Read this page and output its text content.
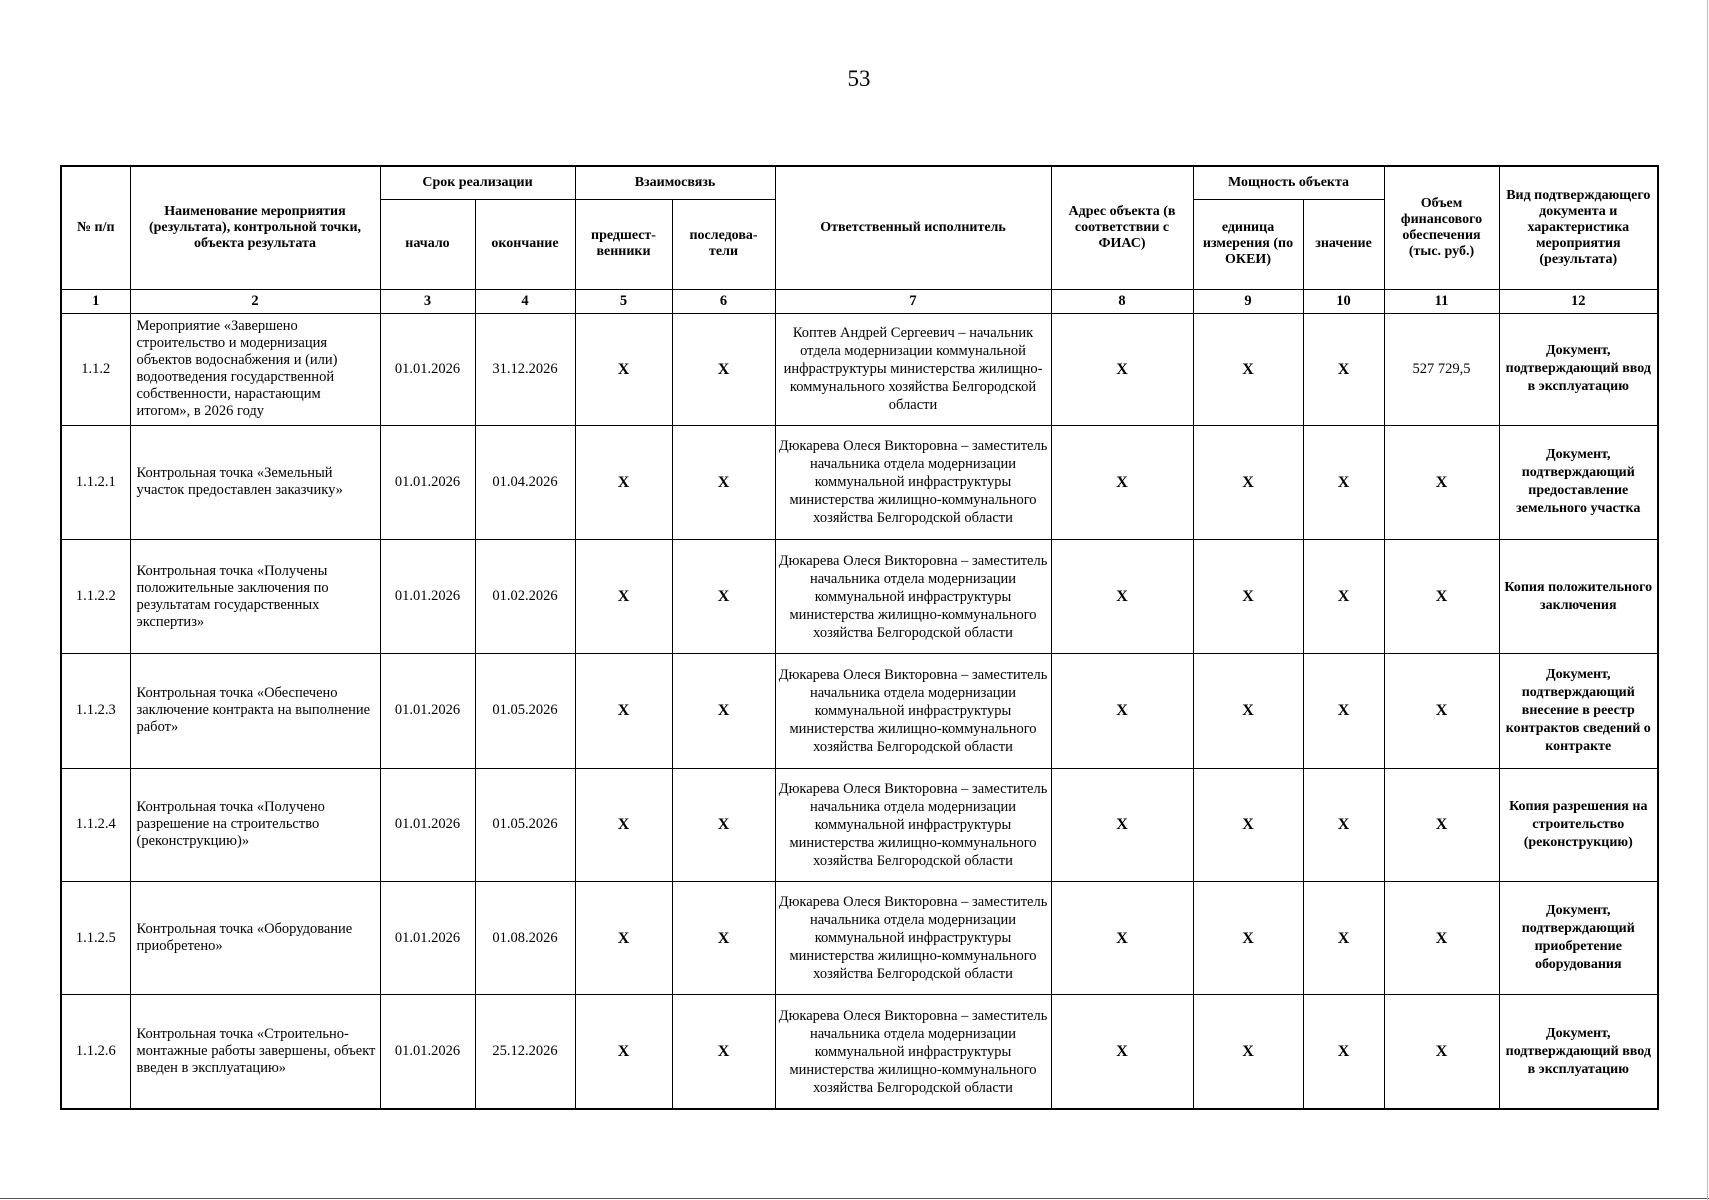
53
№ п/п	Наименование мероприятия (результата), контрольной точки, объекта результата	Срок реализации		Взаимосвязь		Ответственный исполнитель	Адрес объекта (в соответствии с ФИАС)	Мощность объекта		Объем финансового обеспечения (тыс. руб.)	Вид подтверждающего документа и характеристика мероприятия (результата)
		начало	окончание	предшест-венники	последова-тели			единица измерения (по ОКЕИ)	значение		
1	2	3	4	5	6	7	8	9	10	11	12
1.1.2	Мероприятие «Завершено строительство и модернизация объектов водоснабжения и (или) водоотведения государственной собственности, нарастающим итогом», в 2026 году	01.01.2026	31.12.2026	X	X	Коптев Андрей Сергеевич – начальник отдела модернизации коммунальной инфраструктуры министерства жилищно-коммунального хозяйства Белгородской области	X	X	X	527 729,5	Документ, подтверждающий ввод в эксплуатацию
1.1.2.1	Контрольная точка «Земельный участок предоставлен заказчику»	01.01.2026	01.04.2026	X	X	Дюкарева Олеся Викторовна – заместитель начальника отдела модернизации коммунальной инфраструктуры министерства жилищно-коммунального хозяйства Белгородской области	X	X	X	X	Документ, подтверждающий предоставление земельного участка
1.1.2.2	Контрольная точка «Получены положительные заключения по результатам государственных экспертиз»	01.01.2026	01.02.2026	X	X	Дюкарева Олеся Викторовна – заместитель начальника отдела модернизации коммунальной инфраструктуры министерства жилищно-коммунального хозяйства Белгородской области	X	X	X	X	Копия положительного заключения
1.1.2.3	Контрольная точка «Обеспечено заключение контракта на выполнение работ»	01.01.2026	01.05.2026	X	X	Дюкарева Олеся Викторовна – заместитель начальника отдела модернизации коммунальной инфраструктуры министерства жилищно-коммунального хозяйства Белгородской области	X	X	X	X	Документ, подтверждающий внесение в реестр контрактов сведений о контракте
1.1.2.4	Контрольная точка «Получено разрешение на строительство (реконструкцию)»	01.01.2026	01.05.2026	X	X	Дюкарева Олеся Викторовна – заместитель начальника отдела модернизации коммунальной инфраструктуры министерства жилищно-коммунального хозяйства Белгородской области	X	X	X	X	Копия разрешения на строительство (реконструкцию)
1.1.2.5	Контрольная точка «Оборудование приобретено»	01.01.2026	01.08.2026	X	X	Дюкарева Олеся Викторовна – заместитель начальника отдела модернизации коммунальной инфраструктуры министерства жилищно-коммунального хозяйства Белгородской области	X	X	X	X	Документ, подтверждающий приобретение оборудования
1.1.2.6	Контрольная точка «Строительно-монтажные работы завершены, объект введен в эксплуатацию»	01.01.2026	25.12.2026	X	X	Дюкарева Олеся Викторовна – заместитель начальника отдела модернизации коммунальной инфраструктуры министерства жилищно-коммунального хозяйства Белгородской области	X	X	X	X	Документ, подтверждающий ввод в эксплуатацию
